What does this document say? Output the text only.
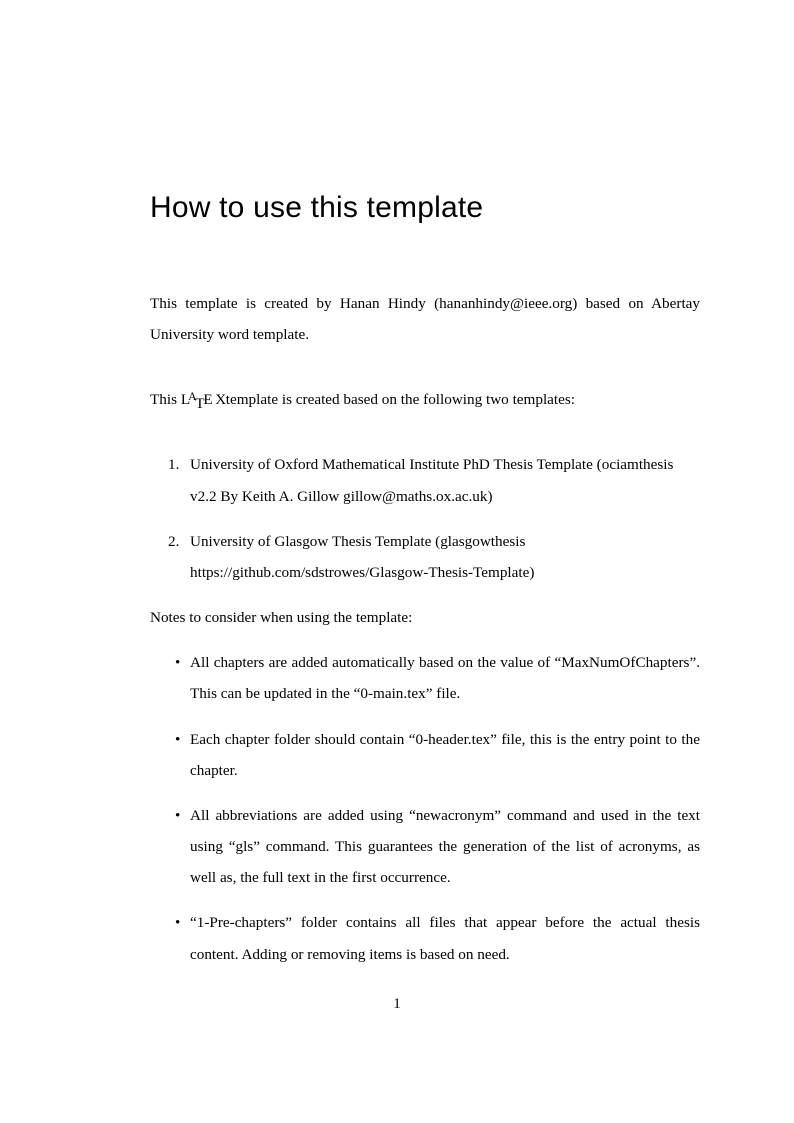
How to use this template

This template is created by Hanan Hindy (hananhindy@ieee.org) based on Abertay University word template.

This $L^ATE$ Xtemplate is created based on the following two templates:

University of Oxford Mathematical Institute PhD Thesis Template (ociamthesis v2.2 By Keith A. Gillow gillow@maths.ox.ac.uk)
University of Glasgow Thesis Template (glasgowthesis https://github.com/sdstrowes/Glasgow-Thesis-Template)

Notes to consider when using the template:

• All chapters are added automatically based on the value of “MaxNumOfChapters”. This can be updated in the “0-main.tex” file.
• Each chapter folder should contain “0-header.tex” file, this is the entry point to the chapter.
• All abbreviations are added using “newacronym” command and used in the text using “gls” command. This guarantees the generation of the list of acronyms, as well as, the full text in the first occurrence.
• “1-Pre-chapters” folder contains all files that appear before the actual thesis content. Adding or removing items is based on need.
1
